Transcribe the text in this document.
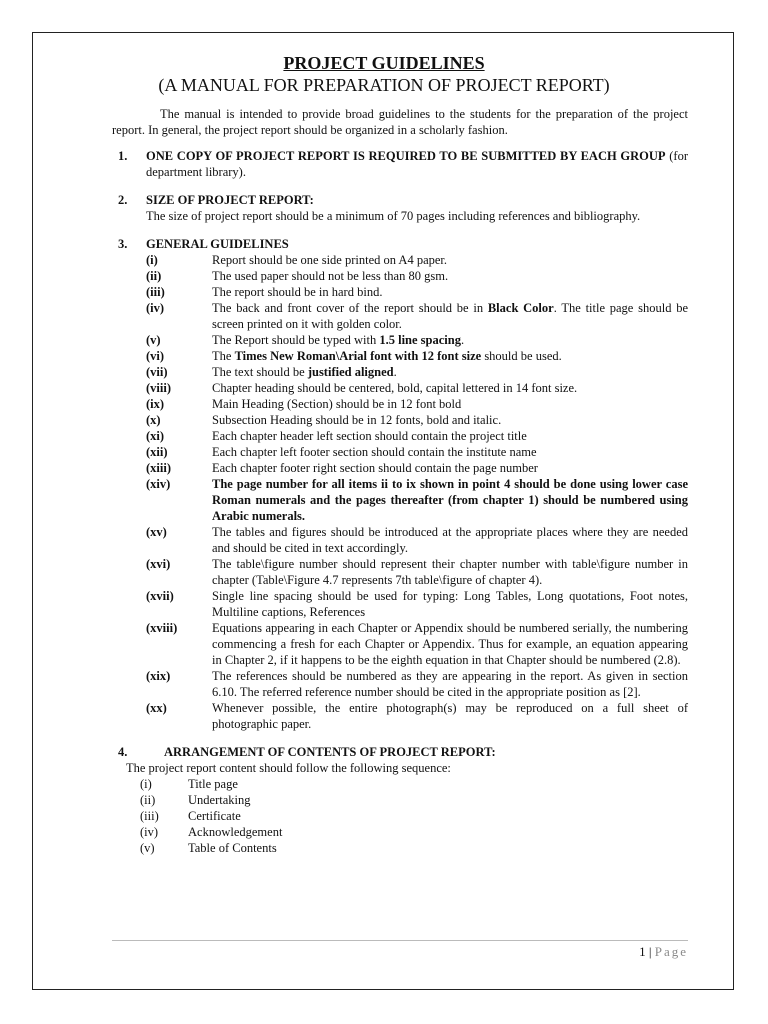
PROJECT GUIDELINES

(A MANUAL FOR PREPARATION OF PROJECT REPORT)

The manual is intended to provide broad guidelines to the students for the preparation of the project report. In general, the project report should be organized in a scholarly fashion.

1.	ONE COPY OF PROJECT REPORT IS REQUIRED TO BE SUBMITTED BY EACH GROUP (for department library).
2.	SIZE OF PROJECT REPORT:
The size of project report should be a minimum of 70 pages including references and bibliography.
3.	GENERAL GUIDELINES
(i)	Report should be one side printed on A4 paper.
(ii)	The used paper should not be less than 80 gsm.
(iii)	The report should be in hard bind.
(iv)	The back and front cover of the report should be in Black Color. The title page should be screen printed on it with golden color.
(v)	The Report should be typed with 1.5 line spacing.
(vi)	The Times New Roman\Arial font with 12 font size should be used.
(vii)	The text should be justified aligned.
(viii)	Chapter heading should be centered, bold, capital lettered in 14 font size.
(ix)	Main Heading (Section) should be in 12 font bold
(x)	Subsection Heading should be in 12 fonts, bold and italic.
(xi)	Each chapter header left section should contain the project title
(xii)	Each chapter left footer section should contain the institute name
(xiii)	Each chapter footer right section should contain the page number
(xiv)	The page number for all items ii to ix shown in point 4 should be done using lower case Roman numerals and the pages thereafter (from chapter 1) should be numbered using Arabic numerals.
(xv)	The tables and figures should be introduced at the appropriate places where they are needed and should be cited in text accordingly.
(xvi)	The table\figure number should represent their chapter number with table\figure number in chapter (Table\Figure 4.7 represents 7th table\figure of chapter 4).
(xvii)	Single line spacing should be used for typing: Long Tables, Long quotations, Foot notes, Multiline captions, References
(xviii)	Equations appearing in each Chapter or Appendix should be numbered serially, the numbering commencing a fresh for each Chapter or Appendix. Thus for example, an equation appearing in Chapter 2, if it happens to be the eighth equation in that Chapter should be numbered (2.8).
(xix)	The references should be numbered as they are appearing in the report. As given in section 6.10. The referred reference number should be cited in the appropriate position as [2].
(xx)	Whenever possible, the entire photograph(s) may be reproduced on a full sheet of photographic paper.
4.	ARRANGEMENT OF CONTENTS OF PROJECT REPORT:
The project report content should follow the following sequence:
(i)	Title page
(ii)	Undertaking
(iii)	Certificate
(iv)	Acknowledgement
(v)	Table of Contents
1 | Page
